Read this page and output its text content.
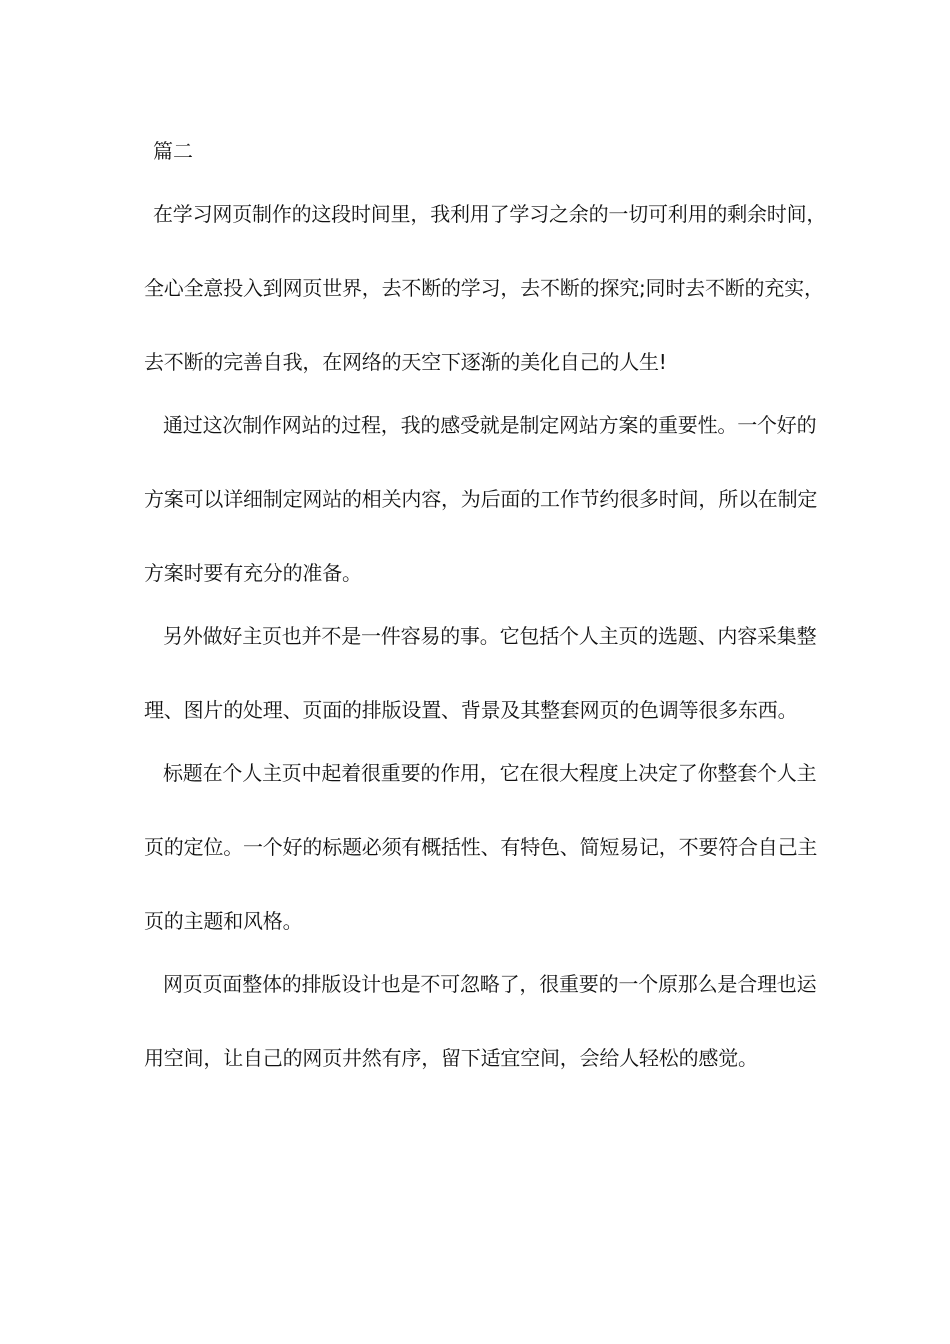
篇二
在学习网页制作的这段时间里，我利用了学习之余的一切可利用的剩余时间，
全心全意投入到网页世界，去不断的学习，去不断的探究;同时去不断的充实，
去不断的完善自我，在网络的天空下逐渐的美化自己的人生!
通过这次制作网站的过程，我的感受就是制定网站方案的重要性。一个好的
方案可以详细制定网站的相关内容，为后面的工作节约很多时间，所以在制定
方案时要有充分的准备。
另外做好主页也并不是一件容易的事。它包括个人主页的选题、内容采集整
理、图片的处理、页面的排版设置、背景及其整套网页的色调等很多东西。
标题在个人主页中起着很重要的作用，它在很大程度上决定了你整套个人主
页的定位。一个好的标题必须有概括性、有特色、简短易记，不要符合自己主
页的主题和风格。
网页页面整体的排版设计也是不可忽略了，很重要的一个原那么是合理也运
用空间，让自己的网页井然有序，留下适宜空间，会给人轻松的感觉。
